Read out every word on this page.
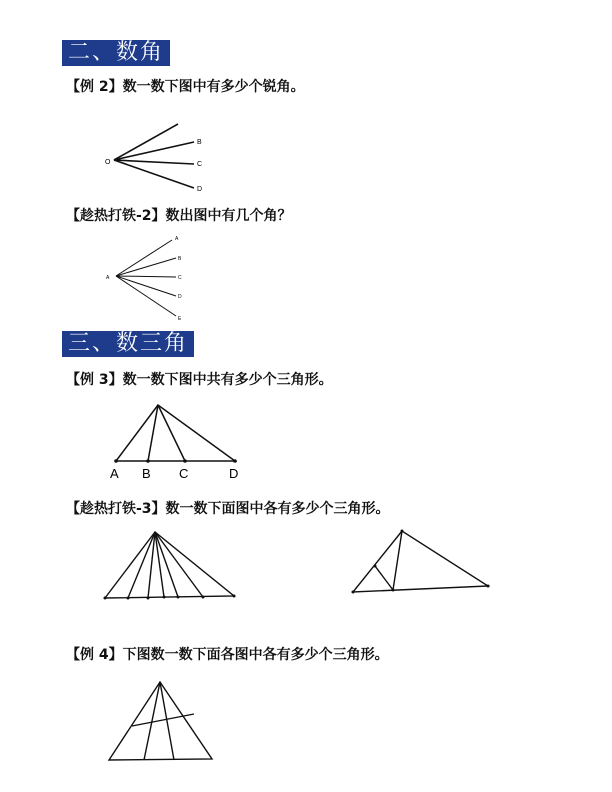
二、数角
【例 2】数一数下图中有多少个锐角。
O
B
C
D
【趁热打铁-2】数出图中有几个角？
A
A
B
C
D
E
三、数三角
【例 3】数一数下图中共有多少个三角形。
A B C	D
【趁热打铁-3】数一数下面图中各有多少个三角形。
【例 4】下图数一数下面各图中各有多少个三角形。
